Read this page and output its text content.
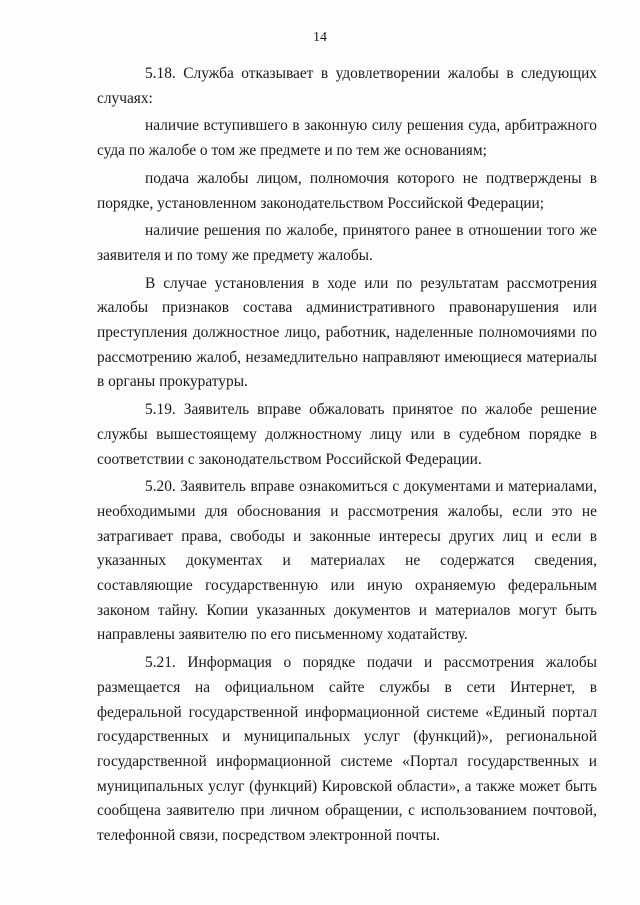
14

5.18. Служба отказывает в удовлетворении жалобы в следующих случаях:

наличие вступившего в законную силу решения суда, арбитражного суда по жалобе о том же предмете и по тем же основаниям;

подача жалобы лицом, полномочия которого не подтверждены в порядке, установленном законодательством Российской Федерации;

наличие решения по жалобе, принятого ранее в отношении того же заявителя и по тому же предмету жалобы.

В случае установления в ходе или по результатам рассмотрения жалобы признаков состава административного правонарушения или преступления должностное лицо, работник, наделенные полномочиями по рассмотрению жалоб, незамедлительно направляют имеющиеся материалы в органы прокуратуры.

5.19. Заявитель вправе обжаловать принятое по жалобе решение службы вышестоящему должностному лицу или в судебном порядке в соответствии с законодательством Российской Федерации.

5.20. Заявитель вправе ознакомиться с документами и материалами, необходимыми для обоснования и рассмотрения жалобы, если это не затрагивает права, свободы и законные интересы других лиц и если в указанных документах и материалах не содержатся сведения, составляющие государственную или иную охраняемую федеральным законом тайну. Копии указанных документов и материалов могут быть направлены заявителю по его письменному ходатайству.

5.21. Информация о порядке подачи и рассмотрения жалобы размещается на официальном сайте службы в сети Интернет, в федеральной государственной информационной системе «Единый портал государственных и муниципальных услуг (функций)», региональной государственной информационной системе «Портал государственных и муниципальных услуг (функций) Кировской области», а также может быть сообщена заявителю при личном обращении, с использованием почтовой, телефонной связи, посредством электронной почты.
